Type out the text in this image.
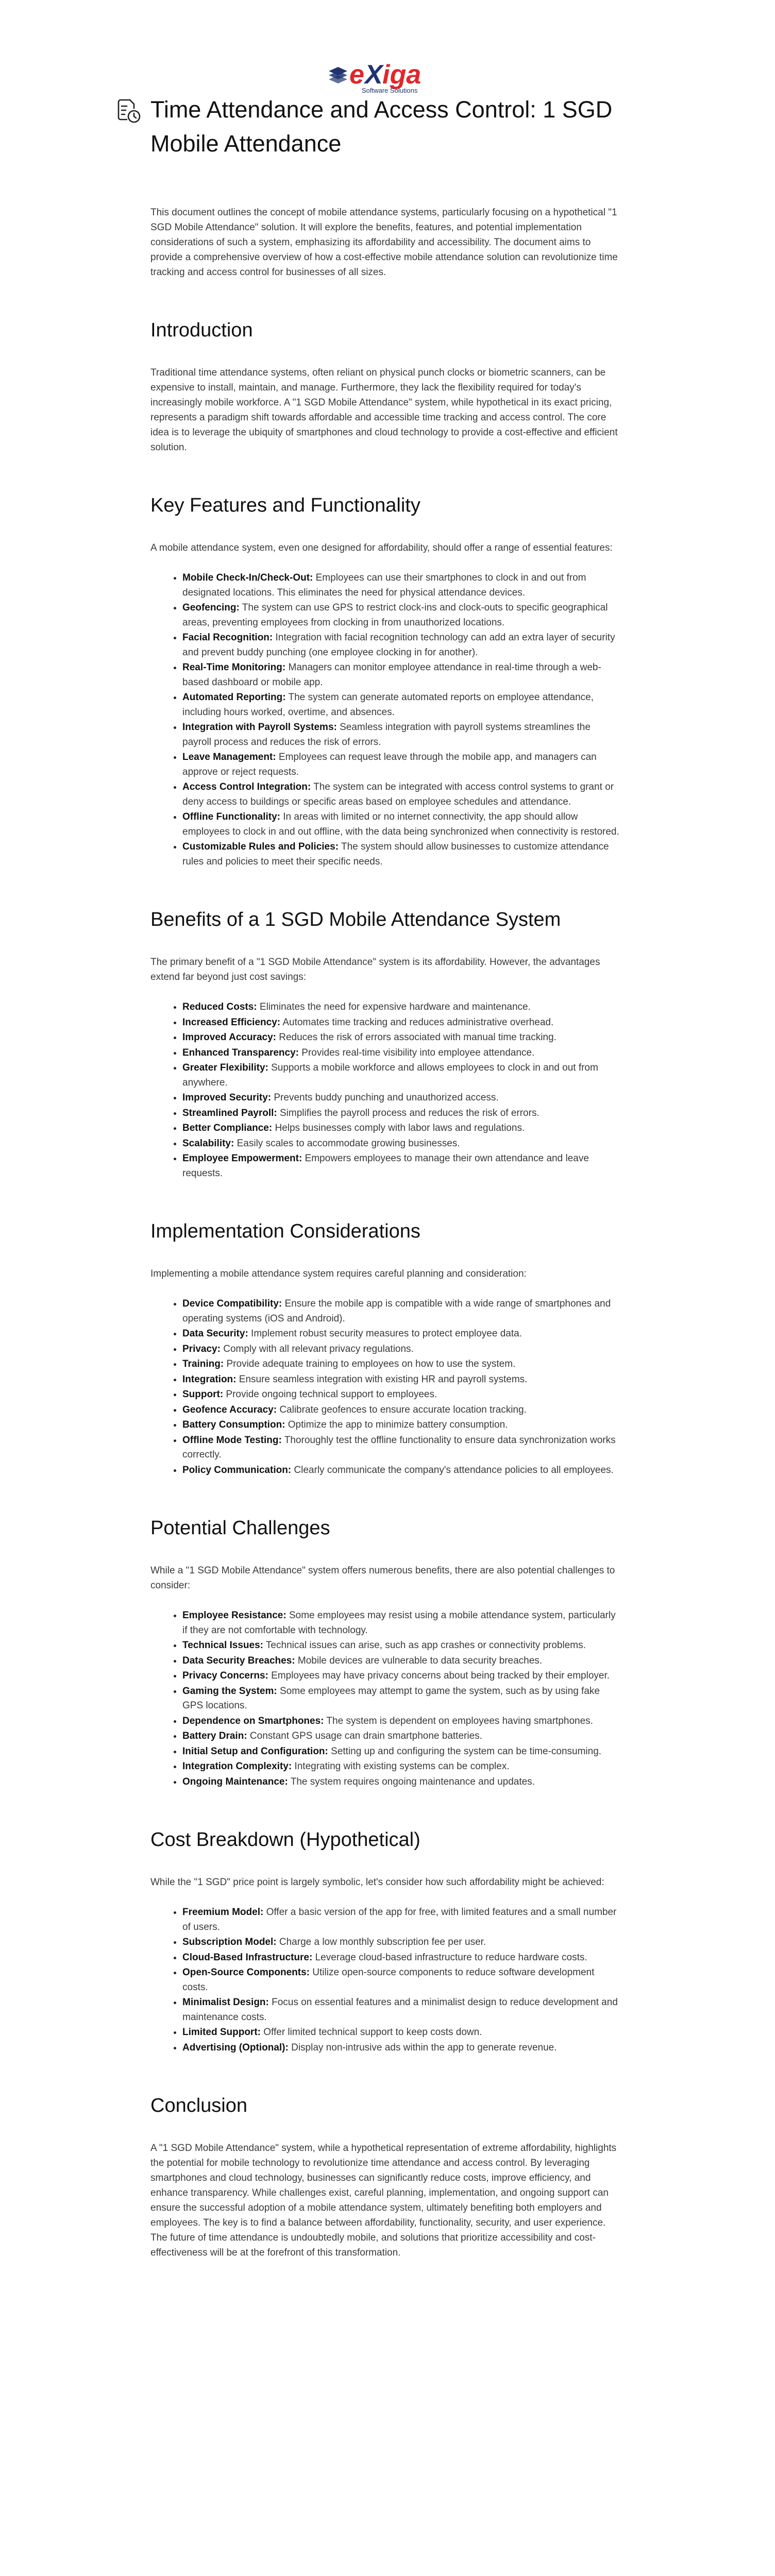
e X iga
Software Solutions
Time Attendance and Access Control: 1 SGD Mobile Attendance

This document outlines the concept of mobile attendance systems, particularly focusing on a hypothetical "1 SGD Mobile Attendance" solution. It will explore the benefits, features, and potential implementation considerations of such a system, emphasizing its affordability and accessibility. The document aims to provide a comprehensive overview of how a cost-effective mobile attendance solution can revolutionize time tracking and access control for businesses of all sizes.

Introduction

Traditional time attendance systems, often reliant on physical punch clocks or biometric scanners, can be expensive to install, maintain, and manage. Furthermore, they lack the flexibility required for today's increasingly mobile workforce. A "1 SGD Mobile Attendance" system, while hypothetical in its exact pricing, represents a paradigm shift towards affordable and accessible time tracking and access control. The core idea is to leverage the ubiquity of smartphones and cloud technology to provide a cost-effective and efficient solution.

Key Features and Functionality

A mobile attendance system, even one designed for affordability, should offer a range of essential features:

• Mobile Check-In/Check-Out: Employees can use their smartphones to clock in and out from designated locations. This eliminates the need for physical attendance devices.
• Geofencing: The system can use GPS to restrict clock-ins and clock-outs to specific geographical areas, preventing employees from clocking in from unauthorized locations.
• Facial Recognition: Integration with facial recognition technology can add an extra layer of security and prevent buddy punching (one employee clocking in for another).
• Real-Time Monitoring: Managers can monitor employee attendance in real-time through a web-based dashboard or mobile app.
• Automated Reporting: The system can generate automated reports on employee attendance, including hours worked, overtime, and absences.
• Integration with Payroll Systems: Seamless integration with payroll systems streamlines the payroll process and reduces the risk of errors.
• Leave Management: Employees can request leave through the mobile app, and managers can approve or reject requests.
• Access Control Integration: The system can be integrated with access control systems to grant or deny access to buildings or specific areas based on employee schedules and attendance.
• Offline Functionality: In areas with limited or no internet connectivity, the app should allow employees to clock in and out offline, with the data being synchronized when connectivity is restored.
• Customizable Rules and Policies: The system should allow businesses to customize attendance rules and policies to meet their specific needs.
Benefits of a 1 SGD Mobile Attendance System

The primary benefit of a "1 SGD Mobile Attendance" system is its affordability. However, the advantages extend far beyond just cost savings:

• Reduced Costs: Eliminates the need for expensive hardware and maintenance.
• Increased Efficiency: Automates time tracking and reduces administrative overhead.
• Improved Accuracy: Reduces the risk of errors associated with manual time tracking.
• Enhanced Transparency: Provides real-time visibility into employee attendance.
• Greater Flexibility: Supports a mobile workforce and allows employees to clock in and out from anywhere.
• Improved Security: Prevents buddy punching and unauthorized access.
• Streamlined Payroll: Simplifies the payroll process and reduces the risk of errors.
• Better Compliance: Helps businesses comply with labor laws and regulations.
• Scalability: Easily scales to accommodate growing businesses.
• Employee Empowerment: Empowers employees to manage their own attendance and leave requests.
Implementation Considerations

Implementing a mobile attendance system requires careful planning and consideration:

• Device Compatibility: Ensure the mobile app is compatible with a wide range of smartphones and operating systems (iOS and Android).
• Data Security: Implement robust security measures to protect employee data.
• Privacy: Comply with all relevant privacy regulations.
• Training: Provide adequate training to employees on how to use the system.
• Integration: Ensure seamless integration with existing HR and payroll systems.
• Support: Provide ongoing technical support to employees.
• Geofence Accuracy: Calibrate geofences to ensure accurate location tracking.
• Battery Consumption: Optimize the app to minimize battery consumption.
• Offline Mode Testing: Thoroughly test the offline functionality to ensure data synchronization works correctly.
• Policy Communication: Clearly communicate the company's attendance policies to all employees.
Potential Challenges

While a "1 SGD Mobile Attendance" system offers numerous benefits, there are also potential challenges to consider:

• Employee Resistance: Some employees may resist using a mobile attendance system, particularly if they are not comfortable with technology.
• Technical Issues: Technical issues can arise, such as app crashes or connectivity problems.
• Data Security Breaches: Mobile devices are vulnerable to data security breaches.
• Privacy Concerns: Employees may have privacy concerns about being tracked by their employer.
• Gaming the System: Some employees may attempt to game the system, such as by using fake GPS locations.
• Dependence on Smartphones: The system is dependent on employees having smartphones.
• Battery Drain: Constant GPS usage can drain smartphone batteries.
• Initial Setup and Configuration: Setting up and configuring the system can be time-consuming.
• Integration Complexity: Integrating with existing systems can be complex.
• Ongoing Maintenance: The system requires ongoing maintenance and updates.
Cost Breakdown (Hypothetical)

While the "1 SGD" price point is largely symbolic, let's consider how such affordability might be achieved:

• Freemium Model: Offer a basic version of the app for free, with limited features and a small number of users.
• Subscription Model: Charge a low monthly subscription fee per user.
• Cloud-Based Infrastructure: Leverage cloud-based infrastructure to reduce hardware costs.
• Open-Source Components: Utilize open-source components to reduce software development costs.
• Minimalist Design: Focus on essential features and a minimalist design to reduce development and maintenance costs.
• Limited Support: Offer limited technical support to keep costs down.
• Advertising (Optional): Display non-intrusive ads within the app to generate revenue.
Conclusion

A "1 SGD Mobile Attendance" system, while a hypothetical representation of extreme affordability, highlights the potential for mobile technology to revolutionize time attendance and access control. By leveraging smartphones and cloud technology, businesses can significantly reduce costs, improve efficiency, and enhance transparency. While challenges exist, careful planning, implementation, and ongoing support can ensure the successful adoption of a mobile attendance system, ultimately benefiting both employers and employees. The key is to find a balance between affordability, functionality, security, and user experience. The future of time attendance is undoubtedly mobile, and solutions that prioritize accessibility and cost-effectiveness will be at the forefront of this transformation.
